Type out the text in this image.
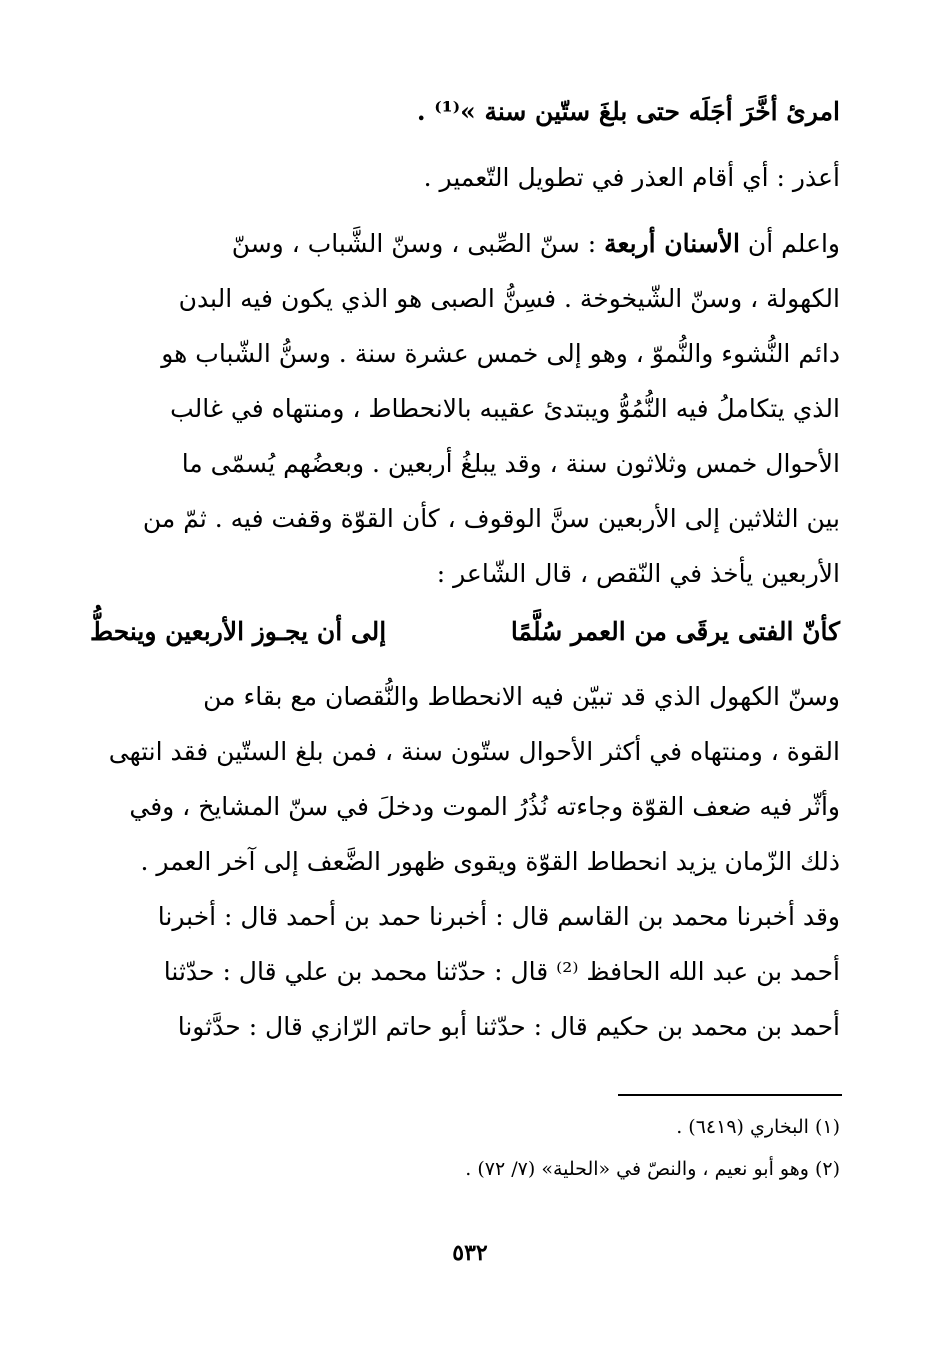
امرئ أخَّرَ أجَلَه حتى بلغَ ستّين سنة »⁽¹⁾ .
أعذر : أي أقام العذر في تطويل التّعمير .
واعلم أن الأسنان أربعة : سنّ الصِّبى ، وسنّ الشَّباب ، وسنّ
الكهولة ، وسنّ الشّيخوخة . فسِنُّ الصبى هو الذي يكون فيه البدن
دائم النُّشوء والنُّموّ ، وهو إلى خمس عشرة سنة . وسنُّ الشّباب هو
الذي يتكاملُ فيه النُّمُوُّ ويبتدئ عقيبه بالانحطاط ، ومنتهاه في غالب
الأحوال خمس وثلاثون سنة ، وقد يبلغُ أربعين . وبعضُهم يُسمّى ما
بين الثلاثين إلى الأربعين سنَّ الوقوف ، كأن القوّة وقفت فيه . ثمّ من
الأربعين يأخذ في النّقص ، قال الشّاعر :
كأنّ الفتى يرقَى من العمر سُلَّمًا
إلى أن يجـوز الأربعين وينحطُّ
وسنّ الكهول الذي قد تبيّن فيه الانحطاط والنُّقصان مع بقاء من
القوة ، ومنتهاه في أكثر الأحوال ستّون سنة ، فمن بلغ الستّين فقد انتهى
وأثّر فيه ضعف القوّة وجاءته نُذُرُ الموت ودخلَ في سنّ المشايخ ، وفي
ذلك الزّمان يزيد انحطاط القوّة ويقوى ظهور الضَّعف إلى آخر العمر .
وقد أخبرنا محمد بن القاسم قال : أخبرنا حمد بن أحمد قال : أخبرنا
أحمد بن عبد الله الحافظ ⁽²⁾ قال : حدّثنا محمد بن علي قال : حدّثنا
أحمد بن محمد بن حكيم قال : حدّثنا أبو حاتم الرّازي قال : حدَّثونا
(١) البخاري (٦٤١٩) .
(٢) وهو أبو نعيم ، والنصّ في «الحلية» (٧/ ٧٢) .
٥٣٢
